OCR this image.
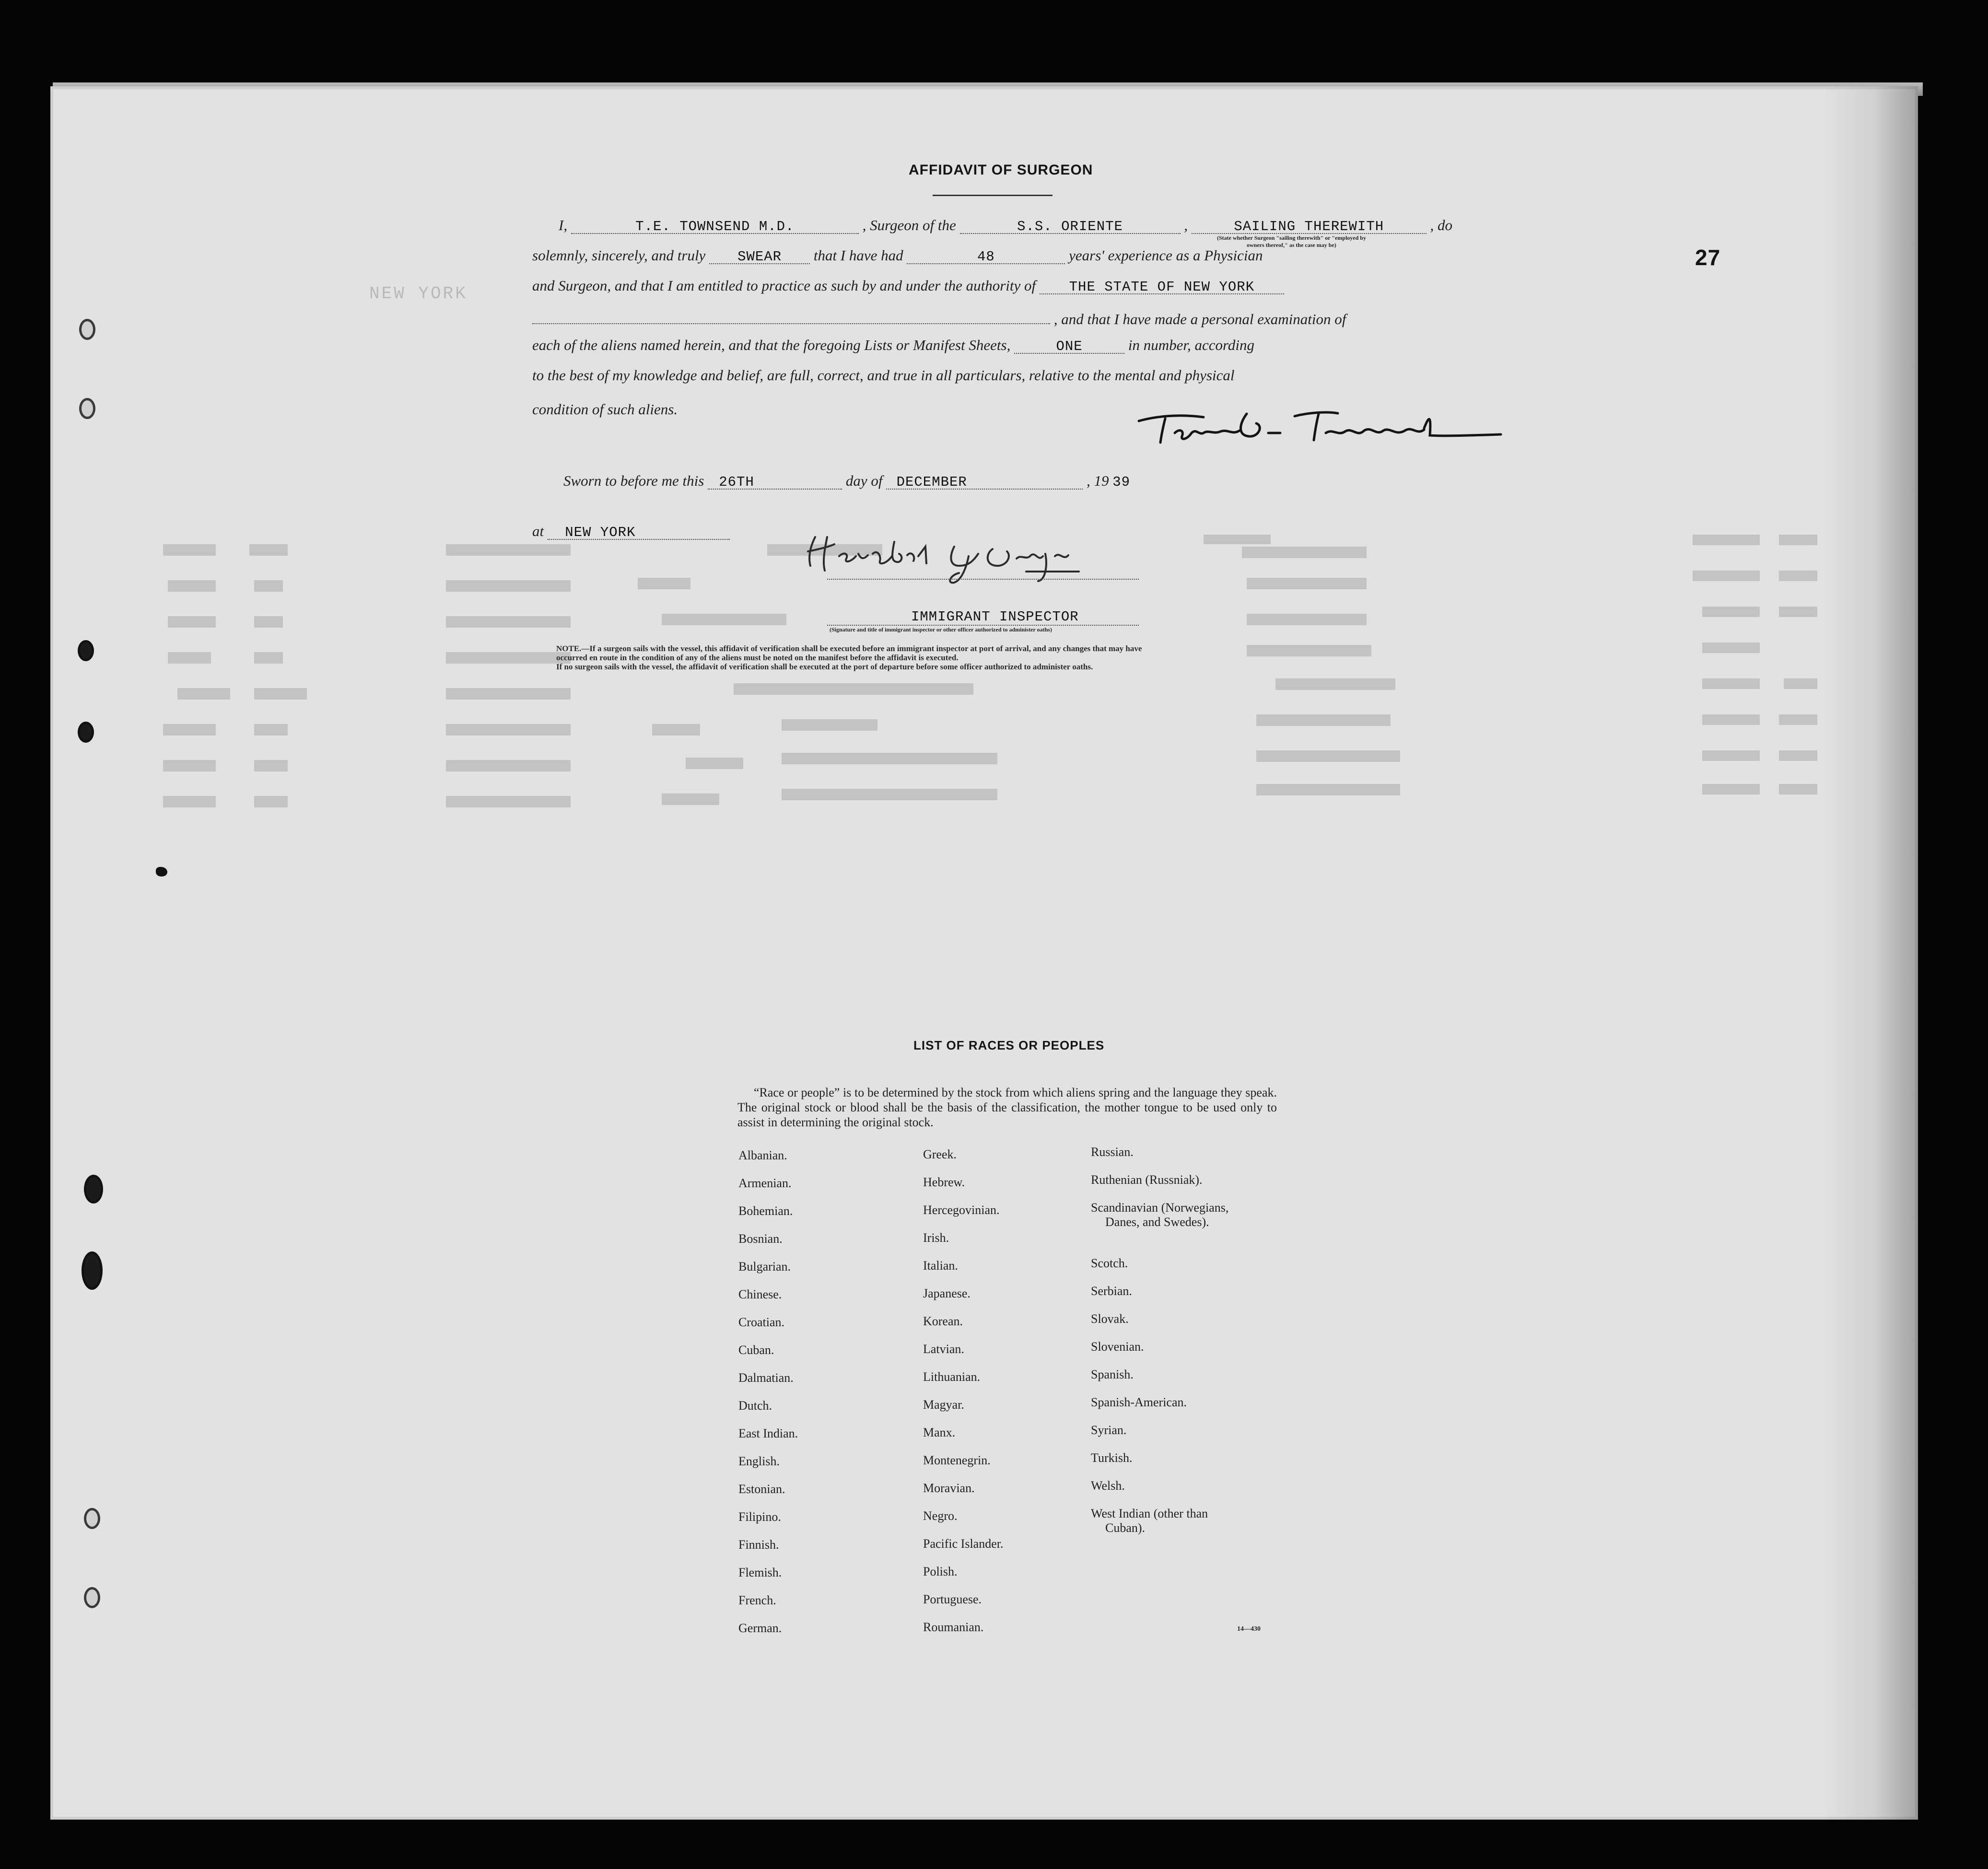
NEW YORK
27
AFFIDAVIT OF SURGEON
I,	T.E. TOWNSEND M.D.	, Surgeon of the	S.S. ORIENTE	,	SAILING THEREWITH	, do
(State whether Surgeon "sailing therewith" or "employed by
owners thereof," as the case may be)
solemnly, sincerely, and truly SWEAR that I have had	48	years' experience as a Physician
and Surgeon, and that I am entitled to practice as such by and under the authority of THE STATE OF NEW YORK
, and that I have made a personal examination of
each of the aliens named herein, and that the foregoing Lists or Manifest Sheets,	ONE	in number, according
to the best of my knowledge and belief, are full, correct, and true in all particulars, relative to the mental and physical
condition of such aliens.
Sworn to before me this 26TH	day of DECEMBER	, 19 39
at NEW YORK
IMMIGRANT INSPECTOR
(Signature and title of immigrant inspector or other officer authorized to administer oaths)
NOTE.—If a surgeon sails with the vessel, this affidavit of verification shall be executed before an immigrant inspector at port of arrival, and any changes that may have
occurred en route in the condition of any of the aliens must be noted on the manifest before the affidavit is executed.
If no surgeon sails with the vessel, the affidavit of verification shall be executed at the port of departure before some officer authorized to administer oaths.
LIST OF RACES OR PEOPLES
“Race or people” is to be determined by the stock from which aliens spring and the language they speak. The original stock or blood shall be the basis of the classification, the mother tongue to be used only to assist in determining the original stock.
Albanian.
Armenian.
Bohemian.
Bosnian.
Bulgarian.
Chinese.
Croatian.
Cuban.
Dalmatian.
Dutch.
East Indian.
English.
Estonian.
Filipino.
Finnish.
Flemish.
French.
German.
Greek.
Hebrew.
Hercegovinian.
Irish.
Italian.
Japanese.
Korean.
Latvian.
Lithuanian.
Magyar.
Manx.
Montenegrin.
Moravian.
Negro.
Pacific Islander.
Polish.
Portuguese.
Roumanian.
Russian.
Ruthenian (Russniak).
Scandinavian (Norwegians,
Danes, and Swedes).
Scotch.
Serbian.
Slovak.
Slovenian.
Spanish.
Spanish-American.
Syrian.
Turkish.
Welsh.
West Indian (other than
Cuban).
14—430
